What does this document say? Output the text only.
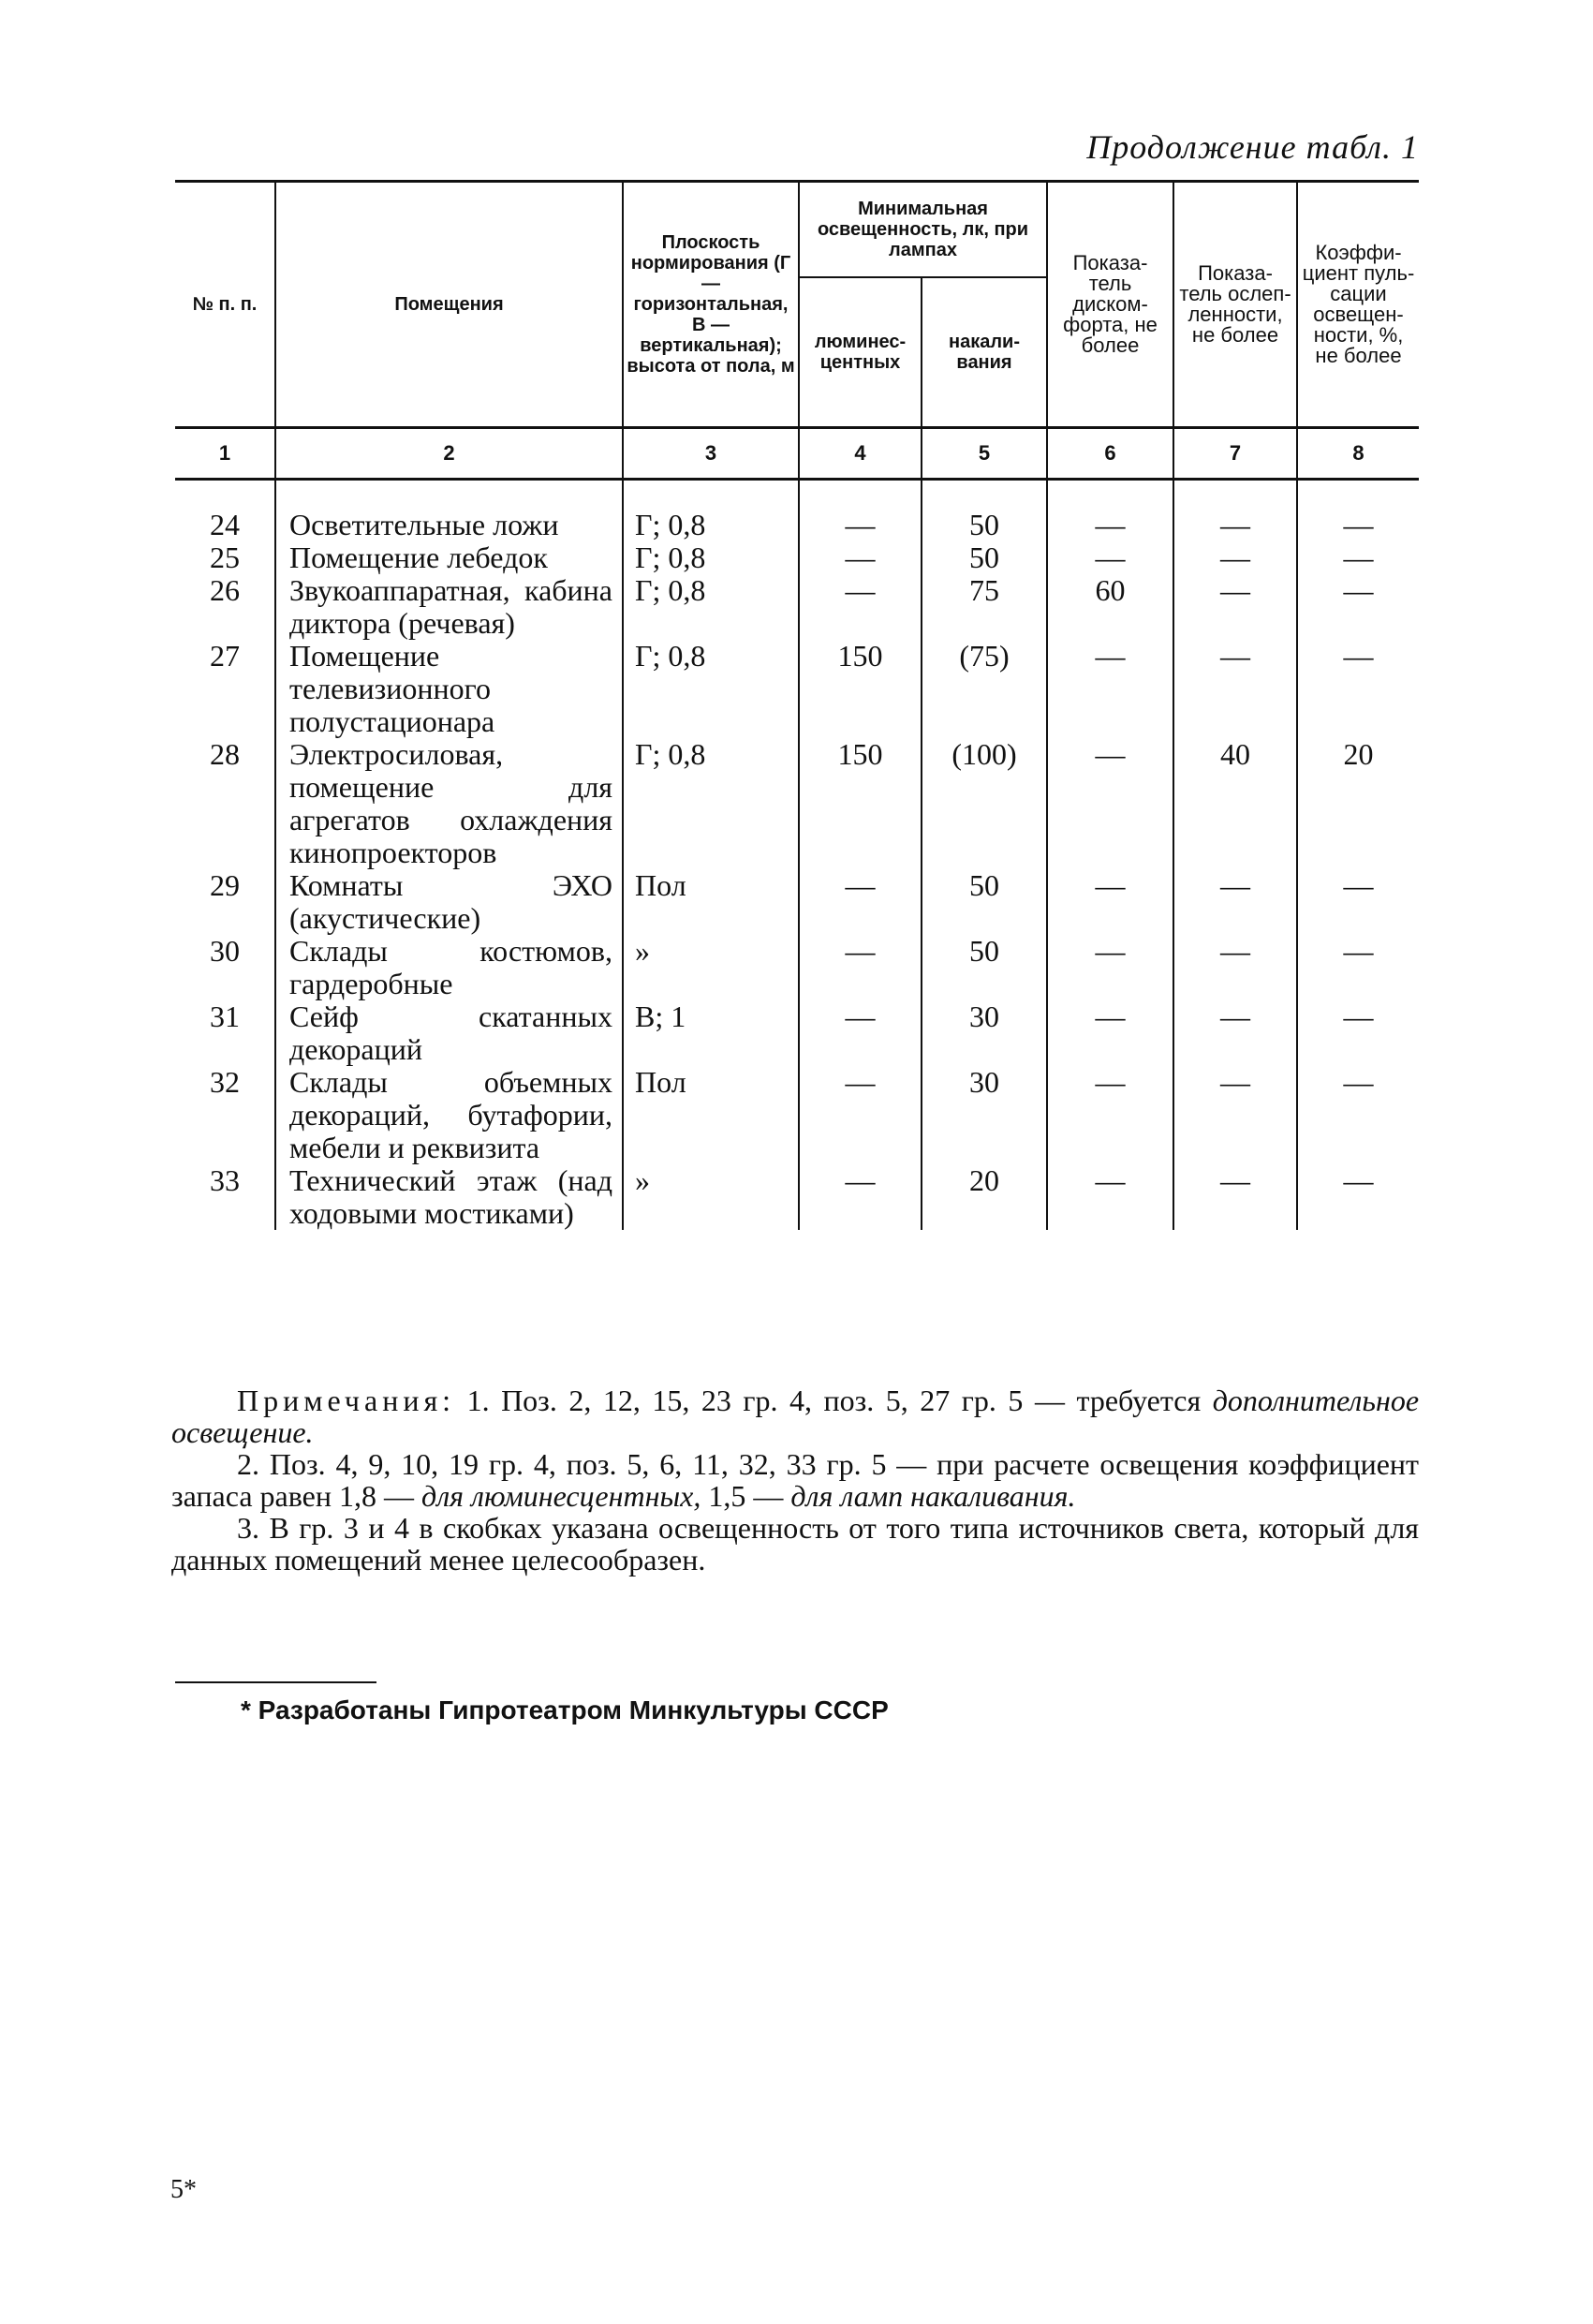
Продолжение табл. 1
№ п. п.	Помещения	Плоскость нормирования (Г — горизонтальная, В — вертикальная); высота от пола, м	Минимальная освещенность, лк, при лампах		Показа- тель диском- форта, не более	Показа- тель ослеп- ленности, не более	Коэффи- циент пуль- сации освещен- ности, %, не более
			люминес- центных	накали- вания			
1	2	3	4	5	6	7	8
24	Осветительные ложи	Г; 0,8	—	50	—	—	—
25	Помещение лебедок	Г; 0,8	—	50	—	—	—
26	Звукоаппаратная, кабина диктора (речевая)	Г; 0,8	—	75	60	—	—
27	Помещение телевизионного полустационара	Г; 0,8	150	(75)	—	—	—
28	Электросиловая, помещение для агрегатов охлаждения кинопроекторов	Г; 0,8	150	(100)	—	40	20
29	Комнаты ЭХО (акустические)	Пол	—	50	—	—	—
30	Склады костюмов, гардеробные	»	—	50	—	—	—
31	Сейф скатанных декораций	В; 1	—	30	—	—	—
32	Склады объемных декораций, бутафории, мебели и реквизита	Пол	—	30	—	—	—
33	Технический этаж (над ходовыми мостиками)	»	—	20	—	—	—

Примечания: 1. Поз. 2, 12, 15, 23 гр. 4, поз. 5, 27 гр. 5 — требуется дополнительное освещение.

2. Поз. 4, 9, 10, 19 гр. 4, поз. 5, 6, 11, 32, 33 гр. 5 — при расчете освещения коэффициент запаса равен 1,8 — для люминесцентных, 1,5 — для ламп накаливания.

3. В гр. 3 и 4 в скобках указана освещенность от того типа источников света, который для данных помещений менее целесообразен.

* Разработаны Гипротеатром Минкультуры СССР
5*
